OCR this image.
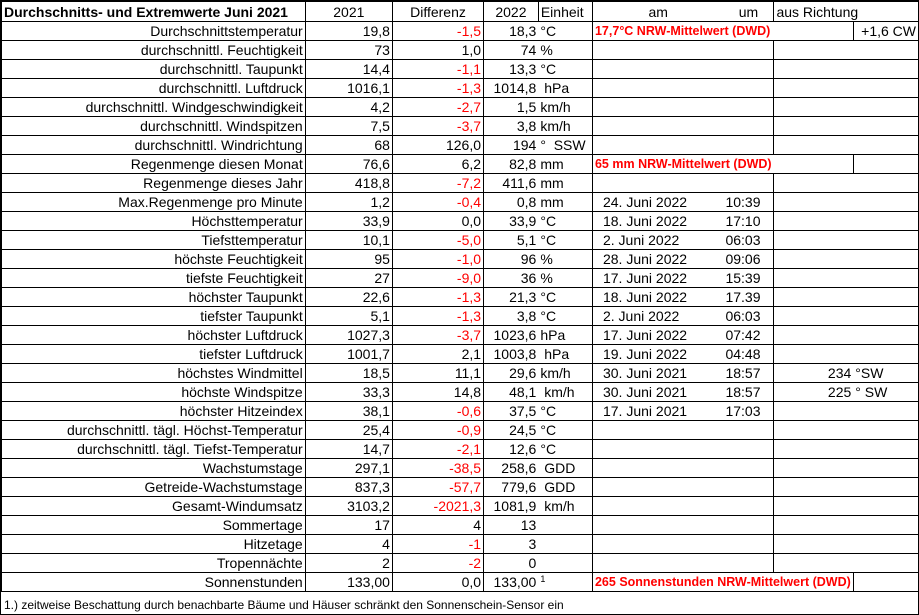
Durchschnitts- und Extremwerte Juni 2021	2021	Differenz	2022	Einheit	am	um	aus Richtung	
Durchschnittstemperatur	19,8	-1,5	18,3	°C	17,7°C NRW-Mittelwert (DWD)			+1,6 CW
durchschnittl. Feuchtigkeit	73	1,0	74	%				
durchschnittl. Taupunkt	14,4	-1,1	13,3	°C				
durchschnittl. Luftdruck	1016,1	-1,3	1014,8	hPa				
durchschnittl. Windgeschwindigkeit	4,2	-2,7	1,5	km/h				
durchschnittl. Windspitzen	7,5	-3,7	3,8	km/h				
durchschnittl. Windrichtung	68	126,0	194	°  SSW				
Regenmenge diesen Monat	76,6	6,2	82,8	mm	65 mm NRW-Mittelwert (DWD)			
Regenmenge dieses Jahr	418,8	-7,2	411,6	mm				
Max.Regenmenge pro Minute	1,2	-0,4	0,8	mm	24. Juni 2022	10:39		
Höchsttemperatur	33,9	0,0	33,9	°C	18. Juni 2022	17:10		
Tiefsttemperatur	10,1	-5,0	5,1	°C	2. Juni 2022	06:03		
höchste Feuchtigkeit	95	-1,0	96	%	28. Juni 2022	09:06		
tiefste Feuchtigkeit	27	-9,0	36	%	17. Juni 2022	15:39		
höchster Taupunkt	22,6	-1,3	21,3	°C	18. Juni 2022	17.39		
tiefster Taupunkt	5,1	-1,3	3,8	°C	2. Juni 2022	06:03		
höchster Luftdruck	1027,3	-3,7	1023,6	hPa	17. Juni 2022	07:42		
tiefster Luftdruck	1001,7	2,1	1003,8	hPa	19. Juni 2022	04:48		
höchstes Windmittel	18,5	11,1	29,6	km/h	30. Juni 2021	18:57	234	°SW
höchste Windspitze	33,3	14,8	48,1	km/h	30. Juni 2021	18:57	225	° SW
höchster Hitzeindex	38,1	-0,6	37,5	°C	17. Juni 2021	17:03		
durchschnittl. tägl. Höchst-Temperatur	25,4	-0,9	24,5	°C				
durchschnittl. tägl. Tiefst-Temperatur	14,7	-2,1	12,6	°C				
Wachstumstage	297,1	-38,5	258,6	GDD				
Getreide-Wachstumstage	837,3	-57,7	779,6	GDD				
Gesamt-Windumsatz	3103,2	-2021,3	1081,9	km/h				
Sommertage	17	4	13					
Hitzetage	4	-1	3					
Tropennächte	2	-2	0					
Sonnenstunden	133,00	0,0	133,00	$^1$	265 Sonnenstunden NRW-Mittelwert (DWD)			
1.) zeitweise Beschattung durch benachbarte Bäume und Häuser schränkt den Sonnenschein-Sensor ein
